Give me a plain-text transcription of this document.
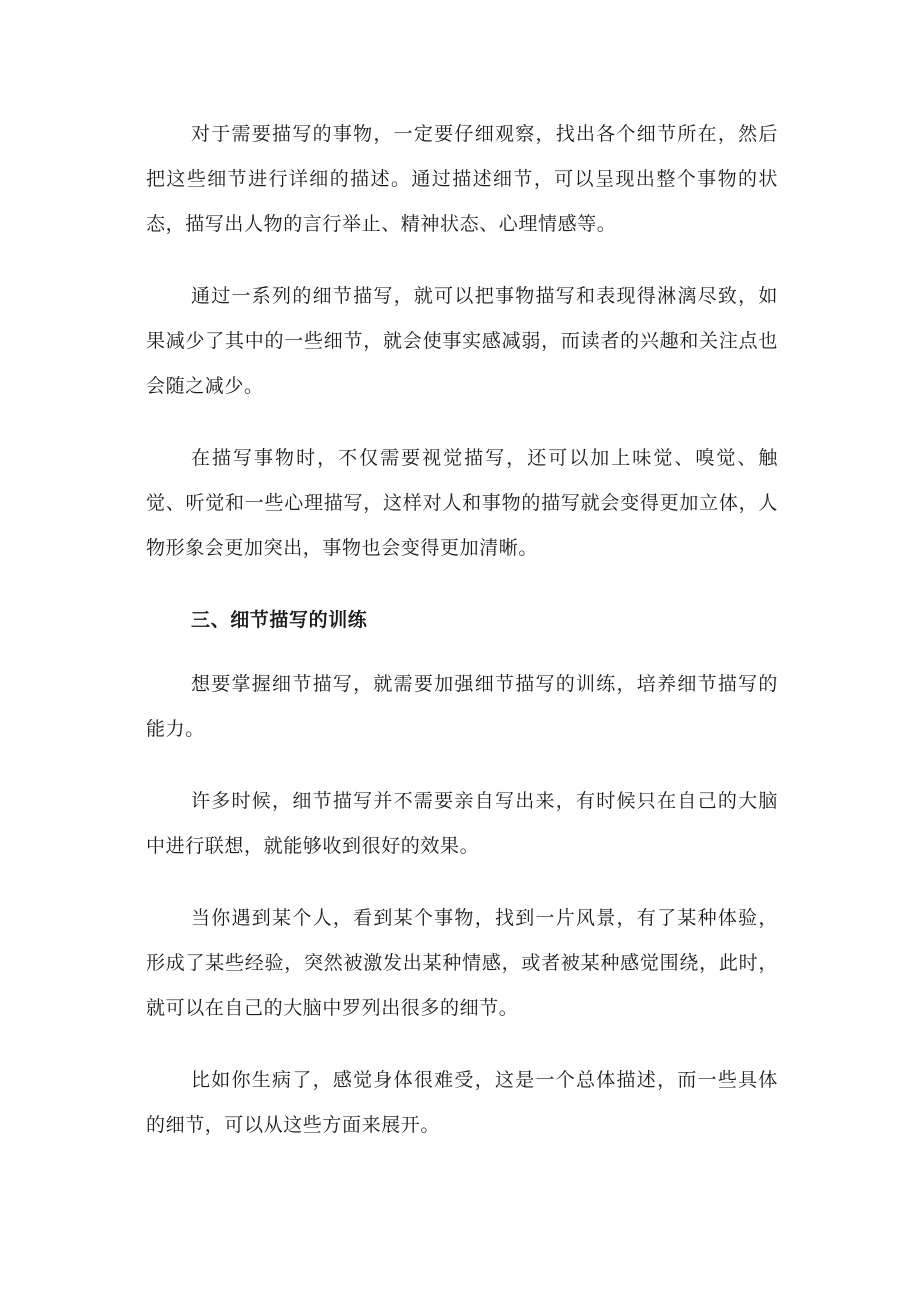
对于需要描写的事物，一定要仔细观察，找出各个细节所在，然后把这些细节进行详细的描述。通过描述细节，可以呈现出整个事物的状态，描写出人物的言行举止、精神状态、心理情感等。

通过一系列的细节描写，就可以把事物描写和表现得淋漓尽致，如果减少了其中的一些细节，就会使事实感减弱，而读者的兴趣和关注点也会随之减少。

在描写事物时，不仅需要视觉描写，还可以加上味觉、嗅觉、触觉、听觉和一些心理描写，这样对人和事物的描写就会变得更加立体，人物形象会更加突出，事物也会变得更加清晰。

三、细节描写的训练

想要掌握细节描写，就需要加强细节描写的训练，培养细节描写的能力。

许多时候，细节描写并不需要亲自写出来，有时候只在自己的大脑中进行联想，就能够收到很好的效果。

当你遇到某个人，看到某个事物，找到一片风景，有了某种体验，形成了某些经验，突然被激发出某种情感，或者被某种感觉围绕，此时，就可以在自己的大脑中罗列出很多的细节。

比如你生病了，感觉身体很难受，这是一个总体描述，而一些具体的细节，可以从这些方面来展开。
